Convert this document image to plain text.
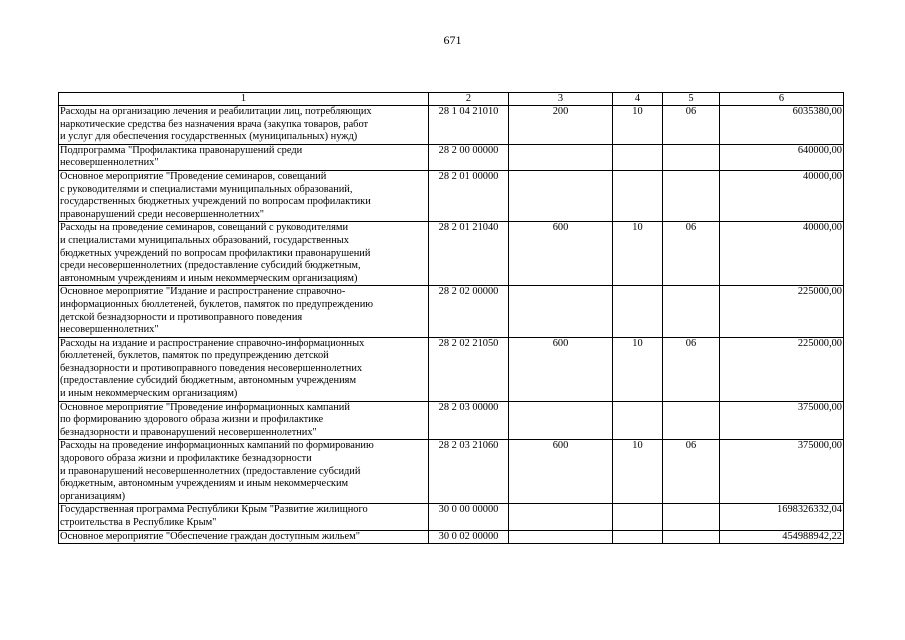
671
1	2	3	4	5	6
Расходы на организацию лечения и реабилитации лиц, потребляющих
наркотические средства без назначения врача (закупка товаров, работ
и услуг для обеспечения государственных (муниципальных) нужд)	28 1 04 21010	200	10	06	6035380,00
Подпрограмма "Профилактика правонарушений среди
несовершеннолетних"	28 2 00 00000				640000,00
Основное мероприятие "Проведение семинаров, совещаний
с руководителями и специалистами муниципальных образований,
государственных бюджетных учреждений по вопросам профилактики
правонарушений среди несовершеннолетних"	28 2 01 00000				40000,00
Расходы на проведение семинаров, совещаний с руководителями
и специалистами муниципальных образований, государственных
бюджетных учреждений по вопросам профилактики правонарушений
среди несовершеннолетних (предоставление субсидий бюджетным,
автономным учреждениям и иным некоммерческим организациям)	28 2 01 21040	600	10	06	40000,00
Основное мероприятие "Издание и распространение справочно-
информационных бюллетеней, буклетов, памяток по предупреждению
детской безнадзорности и противоправного поведения
несовершеннолетних"	28 2 02 00000				225000,00
Расходы на издание и распространение справочно-информационных
бюллетеней, буклетов, памяток по предупреждению детской
безнадзорности и противоправного поведения несовершеннолетних
(предоставление субсидий бюджетным, автономным учреждениям
и иным некоммерческим организациям)	28 2 02 21050	600	10	06	225000,00
Основное мероприятие "Проведение информационных кампаний
по формированию здорового образа жизни и профилактике
безнадзорности и правонарушений несовершеннолетних"	28 2 03 00000				375000,00
Расходы на проведение информационных кампаний по формированию
здорового образа жизни и профилактике безнадзорности
и правонарушений несовершеннолетних (предоставление субсидий
бюджетным, автономным учреждениям и иным некоммерческим
организациям)	28 2 03 21060	600	10	06	375000,00
Государственная программа Республики Крым "Развитие жилищного
строительства в Республике Крым"	30 0 00 00000				1698326332,04
Основное мероприятие "Обеспечение граждан доступным жильем"	30 0 02 00000				454988942,22
